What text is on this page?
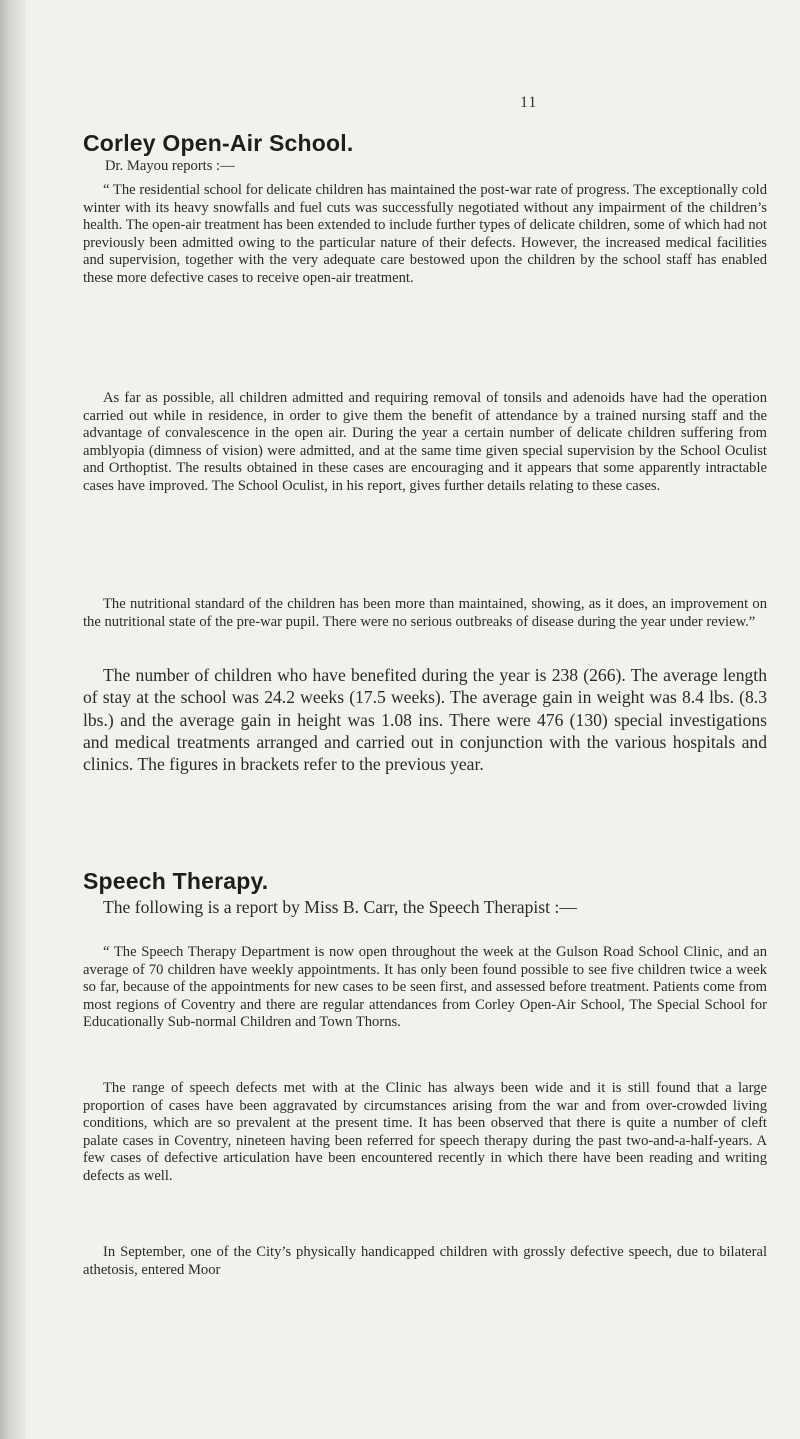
11
Corley Open-Air School.

Dr. Mayou reports :—

“ The residential school for delicate children has maintained the post-war rate of progress. The exceptionally cold winter with its heavy snowfalls and fuel cuts was successfully negotiated without any impairment of the children’s health. The open-air treatment has been extended to include further types of delicate children, some of which had not previously been admitted owing to the particular nature of their defects. However, the increased medical facilities and supervision, together with the very adequate care bestowed upon the children by the school staff has enabled these more defective cases to receive open-air treatment.

As far as possible, all children admitted and requiring removal of tonsils and adenoids have had the operation carried out while in residence, in order to give them the benefit of attendance by a trained nursing staff and the advantage of convalescence in the open air. During the year a certain number of delicate children suffering from amblyopia (dimness of vision) were admitted, and at the same time given special supervision by the School Oculist and Orthoptist. The results obtained in these cases are encouraging and it appears that some apparently intractable cases have improved. The School Oculist, in his report, gives further details relating to these cases.

The nutritional standard of the children has been more than maintained, showing, as it does, an improvement on the nutritional state of the pre-war pupil. There were no serious outbreaks of disease during the year under review.”

The number of children who have benefited during the year is 238 (266). The average length of stay at the school was 24.2 weeks (17.5 weeks). The average gain in weight was 8.4 lbs. (8.3 lbs.) and the average gain in height was 1.08 ins. There were 476 (130) special investigations and medical treatments arranged and carried out in conjunction with the various hospitals and clinics. The figures in brackets refer to the previous year.

Speech Therapy.

The following is a report by Miss B. Carr, the Speech Therapist :—

“ The Speech Therapy Department is now open throughout the week at the Gulson Road School Clinic, and an average of 70 children have weekly appointments. It has only been found possible to see five children twice a week so far, because of the appointments for new cases to be seen first, and assessed before treatment. Patients come from most regions of Coventry and there are regular attendances from Corley Open-Air School, The Special School for Educationally Sub-normal Children and Town Thorns.

The range of speech defects met with at the Clinic has always been wide and it is still found that a large proportion of cases have been aggravated by circumstances arising from the war and from over-crowded living conditions, which are so prevalent at the present time. It has been observed that there is quite a number of cleft palate cases in Coventry, nineteen having been referred for speech therapy during the past two-and-a-half-years. A few cases of defective articulation have been encountered recently in which there have been reading and writing defects as well.

In September, one of the City’s physically handicapped children with grossly defective speech, due to bilateral athetosis, entered Moor
